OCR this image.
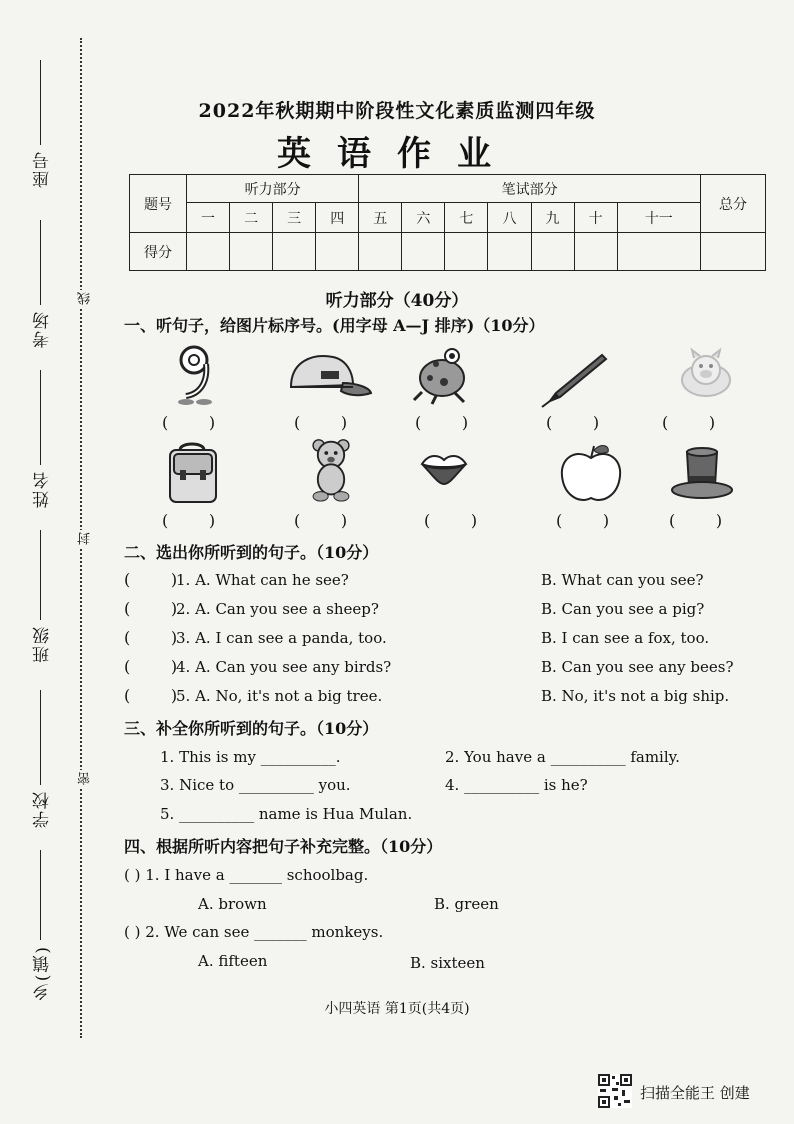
座号
考场
姓名
班级
学校
乡(镇)
线
封
密
2022年秋期期中阶段性文化素质监测四年级
英语作业
题号	听力部分				笔试部分							总分
	一	二	三	四	五	六	七	八	九	十	十一	
得分												
听力部分（40分）
一、听句子，给图片标序号。(用字母 A—J 排序)（10分）
(        )	(        )	(        )	(        )	(        )
(        )	(        )	(        )	(        )	(        )
二、选出你所听到的句子。（10分）
(        )
1. A. What can he see?	B. What can you see?
(        )
2. A. Can you see a sheep?	B. Can you see a pig?
(        )
3. A. I can see a panda, too.	B. I can see a fox, too.
(        )
4. A. Can you see any birds?	B. Can you see any bees?
(        )
5. A. No, it's not a big tree.	B. No, it's not a big ship.
三、补全你所听到的句子。（10分）
1. This is my __________.	2. You have a __________ family.
3. Nice to __________ you.	4. __________ is he?
5. __________ name is Hua Mulan.
四、根据所听内容把句子补充完整。（10分）
( ) 1. I have a _______ schoolbag.
A. brown	B. green
( ) 2. We can see _______ monkeys.
A. fifteen	B. sixteen
小四英语 第1页(共4页)
扫描全能王 创建
